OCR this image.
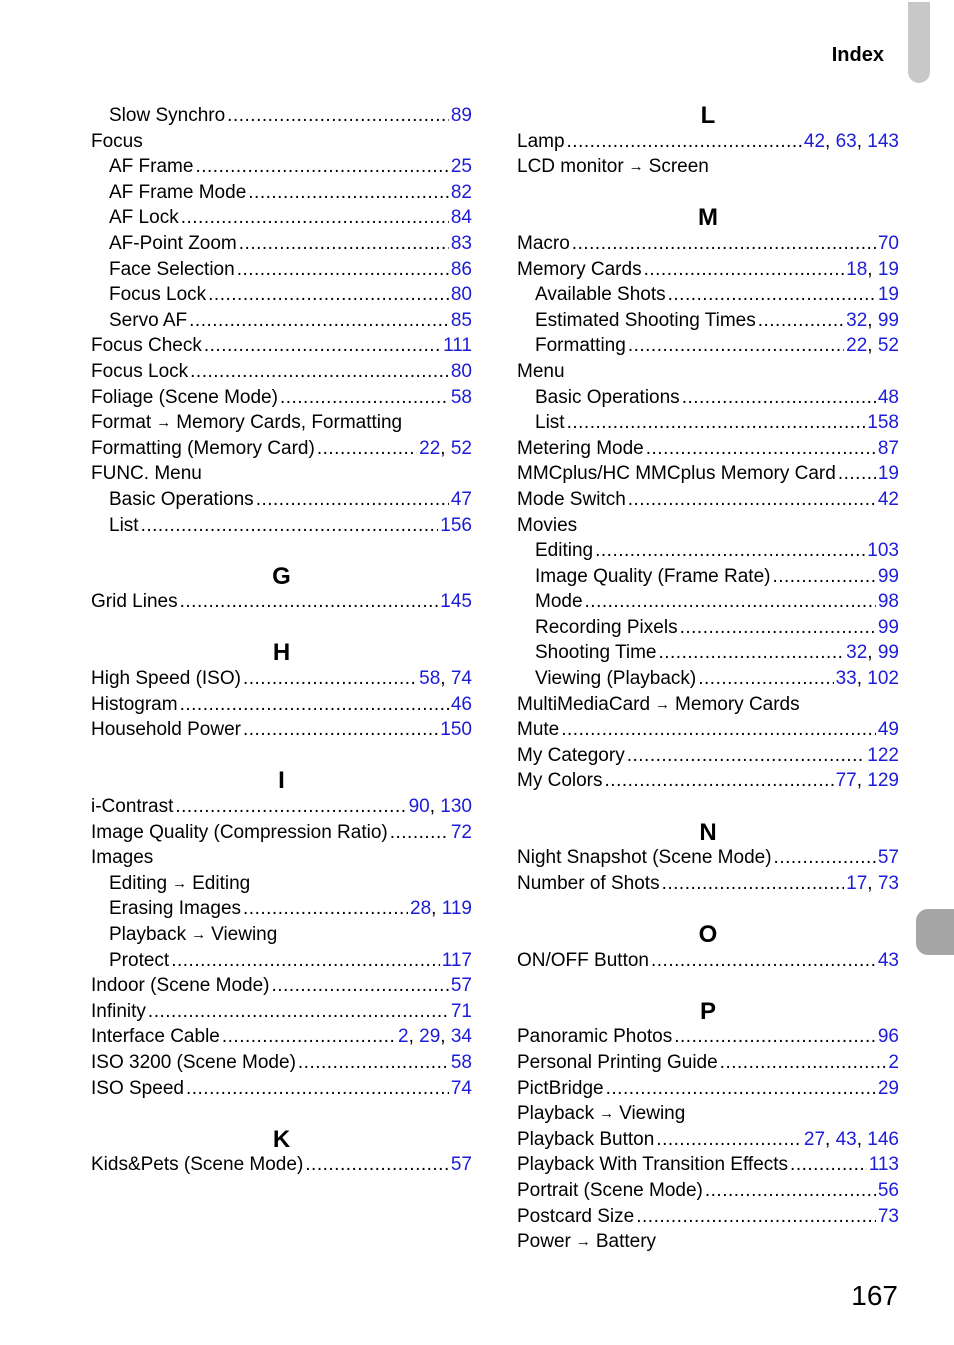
Index
Slow Synchro .....	89
Focus
AF Frame .....	25
AF Frame Mode .....	82
AF Lock .....	84
AF-Point Zoom .....	83
Face Selection .....	86
Focus Lock .....	80
Servo AF .....	85
Focus Check .....	111
Focus Lock .....	80
Foliage (Scene Mode) .....	58
Format → Memory Cards, Formatting
Formatting (Memory Card) .....	22, 52
FUNC. Menu
Basic Operations .....	47
List .....	156
G
Grid Lines .....	145
H
High Speed (ISO) .....	58, 74
Histogram .....	46
Household Power .....	150
I
i-Contrast .....	90, 130
Image Quality (Compression Ratio) .....	72
Images
Editing → Editing
Erasing Images .....	28, 119
Playback → Viewing
Protect .....	117
Indoor (Scene Mode) .....	57
Infinity .....	71
Interface Cable .....	2, 29, 34
ISO 3200 (Scene Mode) .....	58
ISO Speed .....	74
K
Kids&Pets (Scene Mode) .....	57
L
Lamp .....	42, 63, 143
LCD monitor → Screen
M
Macro .....	70
Memory Cards .....	18, 19
Available Shots .....	19
Estimated Shooting Times .....	32, 99
Formatting .....	22, 52
Menu
Basic Operations .....	48
List .....	158
Metering Mode .....	87
MMCplus/HC MMCplus Memory Card ..... 19
Mode Switch .....	42
Movies
Editing .....	103
Image Quality (Frame Rate) .....	99
Mode .....	98
Recording Pixels .....	99
Shooting Time .....	32, 99
Viewing (Playback) .....	33, 102
MultiMediaCard → Memory Cards
Mute .....	49
My Category .....	122
My Colors .....	77, 129
N
Night Snapshot (Scene Mode) .....	57
Number of Shots .....	17, 73
O
ON/OFF Button .....	43
P
Panoramic Photos .....	96
Personal Printing Guide .....	2
PictBridge .....	29
Playback → Viewing
Playback Button .....	27, 43, 146
Playback With Transition Effects .....	113
Portrait (Scene Mode) .....	56
Postcard Size .....	73
Power → Battery
167
